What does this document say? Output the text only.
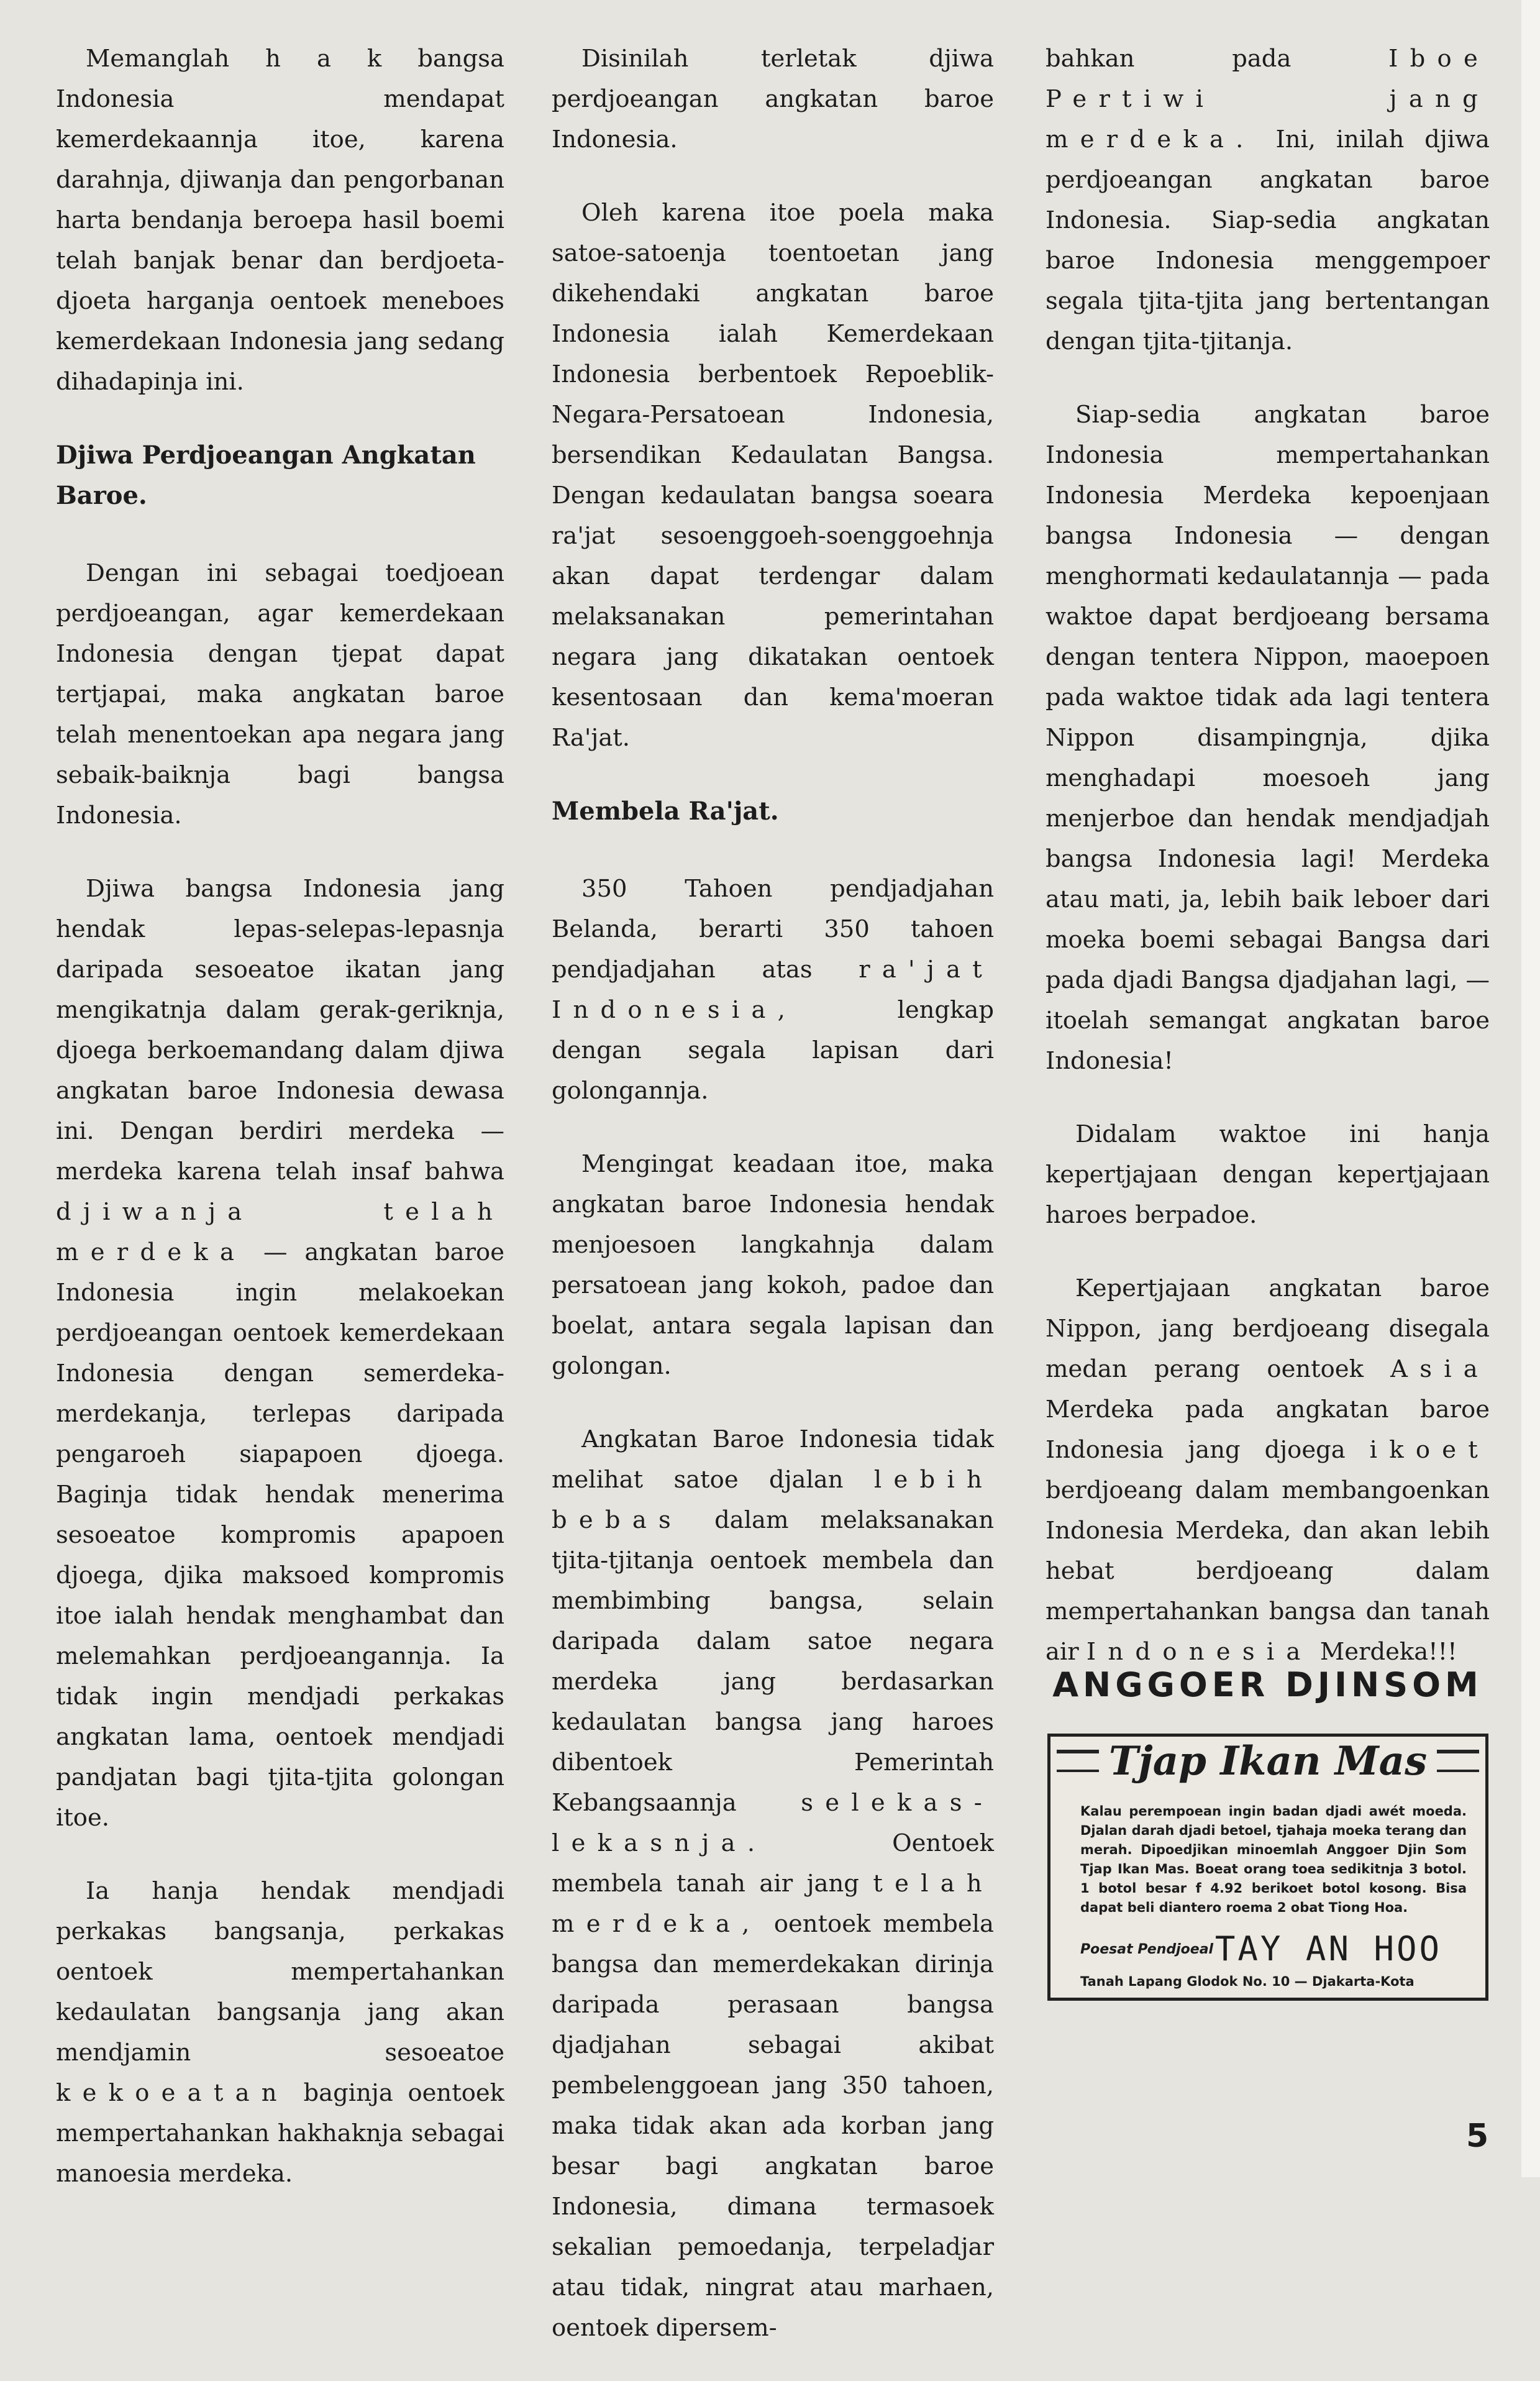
Memanglah h a k bangsa Indonesia mendapat kemerdekaannja itoe, karena darahnja, djiwanja dan pengorbanan harta bendanja beroepa hasil boemi telah banjak benar dan berdjoeta-djoeta harganja oentoek meneboes kemerdekaan Indonesia jang sedang dihadapinja ini.

Djiwa Perdjoeangan Angkatan Baroe.

Dengan ini sebagai toedjoean perdjoeangan, agar kemerdekaan Indonesia dengan tjepat dapat tertjapai, maka angkatan baroe telah menentoekan apa negara jang sebaik-baiknja bagi bangsa Indonesia.

Djiwa bangsa Indonesia jang hendak lepas-selepas-lepasnja daripada sesoeatoe ikatan jang mengikatnja dalam gerak-geriknja, djoega berkoemandang dalam djiwa angkatan baroe Indonesia dewasa ini. Dengan berdiri merdeka — merdeka karena telah insaf bahwa djiwanja telah merdeka — angkatan baroe Indonesia ingin melakoekan perdjoeangan oentoek kemerdekaan Indonesia dengan semerdeka-merdekanja, terlepas daripada pengaroeh siapapoen djoega. Baginja tidak hendak menerima sesoeatoe kompromis apapoen djoega, djika maksoed kompromis itoe ialah hendak menghambat dan melemahkan perdjoeangannja. Ia tidak ingin mendjadi perkakas angkatan lama, oentoek mendjadi pandjatan bagi tjita-tjita golongan itoe.

Ia hanja hendak mendjadi perkakas bangsanja, perkakas oentoek mempertahankan kedaulatan bangsanja jang akan mendjamin sesoeatoe kekoeatan baginja oentoek mempertahankan hakhaknja sebagai manoesia merdeka.

Disinilah terletak djiwa perdjoeangan angkatan baroe Indonesia.

Oleh karena itoe poela maka satoe-satoenja toentoetan jang dikehendaki angkatan baroe Indonesia ialah Kemerdekaan Indonesia berbentoek Repoeblik-Negara-Persatoean Indonesia, bersendikan Kedaulatan Bangsa. Dengan kedaulatan bangsa soeara ra'jat sesoenggoeh-soenggoehnja akan dapat terdengar dalam melaksanakan pemerintahan negara jang dikatakan oentoek kesentosaan dan kema'moeran Ra'jat.

Membela Ra'jat.

350 Tahoen pendjadjahan Belanda, berarti 350 tahoen pendjadjahan atas ra'jat Indonesia,	lengkap dengan segala lapisan dari golongannja.

Mengingat keadaan itoe, maka angkatan baroe Indonesia hendak menjoesoen langkahnja dalam persatoean jang kokoh, padoe dan boelat, antara segala lapisan dan golongan.

Angkatan Baroe Indonesia tidak melihat satoe djalan lebih bebas dalam melaksanakan tjita-tjitanja oentoek membela dan membimbing bangsa, selain daripada dalam satoe negara merdeka jang berdasarkan kedaulatan bangsa jang haroes dibentoek Pemerintah Kebangsaannja	selekas-lekasnja.	Oentoek membela tanah air jang telah merdeka, oentoek membela bangsa dan memerdekakan dirinja daripada perasaan bangsa djadjahan sebagai akibat pembelenggoean jang 350 tahoen, maka tidak akan ada korban jang besar bagi angkatan baroe Indonesia, dimana termasoek sekalian pemoedanja, terpeladjar atau tidak, ningrat atau marhaen, oentoek dipersem-

bahkan pada	Iboe Pertiwi jang merdeka. Ini, inilah djiwa perdjoeangan angkatan baroe Indonesia. Siap-sedia angkatan baroe Indonesia menggempoer segala tjita-tjita jang bertentangan dengan tjita-tjitanja.

Siap-sedia angkatan baroe Indonesia mempertahankan Indonesia Merdeka kepoenjaan bangsa Indonesia — dengan menghormati kedaulatannja — pada waktoe dapat berdjoeang bersama dengan tentera Nippon, maoepoen pada waktoe tidak ada lagi tentera Nippon disampingnja, djika menghadapi moesoeh jang menjerboe dan hendak mendjadjah bangsa Indonesia lagi! Merdeka atau mati, ja, lebih baik leboer dari moeka boemi sebagai Bangsa dari pada djadi Bangsa djadjahan lagi, — itoelah semangat angkatan baroe Indonesia!

Didalam waktoe ini hanja kepertjajaan dengan kepertjajaan haroes berpadoe.

Kepertjajaan angkatan baroe Nippon, jang berdjoeang disegala medan perang oentoek Asia Merdeka pada angkatan baroe Indonesia jang djoega ikoet berdjoeang dalam membangoenkan Indonesia Merdeka, dan akan lebih hebat berdjoeang dalam mempertahankan bangsa dan tanah air Indonesia Merdeka!!!

ANGGOER DJINSOM
Tjap Ikan Mas
Kalau perempoean ingin badan djadi awét moeda. Djalan darah djadi betoel, tjahaja moeka terang dan merah. Dipoedjikan minoemlah Anggoer Djin Som Tjap Ikan Mas. Boeat orang toea sedikitnja 3 botol. 1 botol besar f 4.92 berikoet botol kosong. Bisa dapat beli diantero roema 2 obat Tiong Hoa.
Poesat Pendjoeal TAY AN HOO
Tanah Lapang Glodok No. 10 — Djakarta-Kota
5
